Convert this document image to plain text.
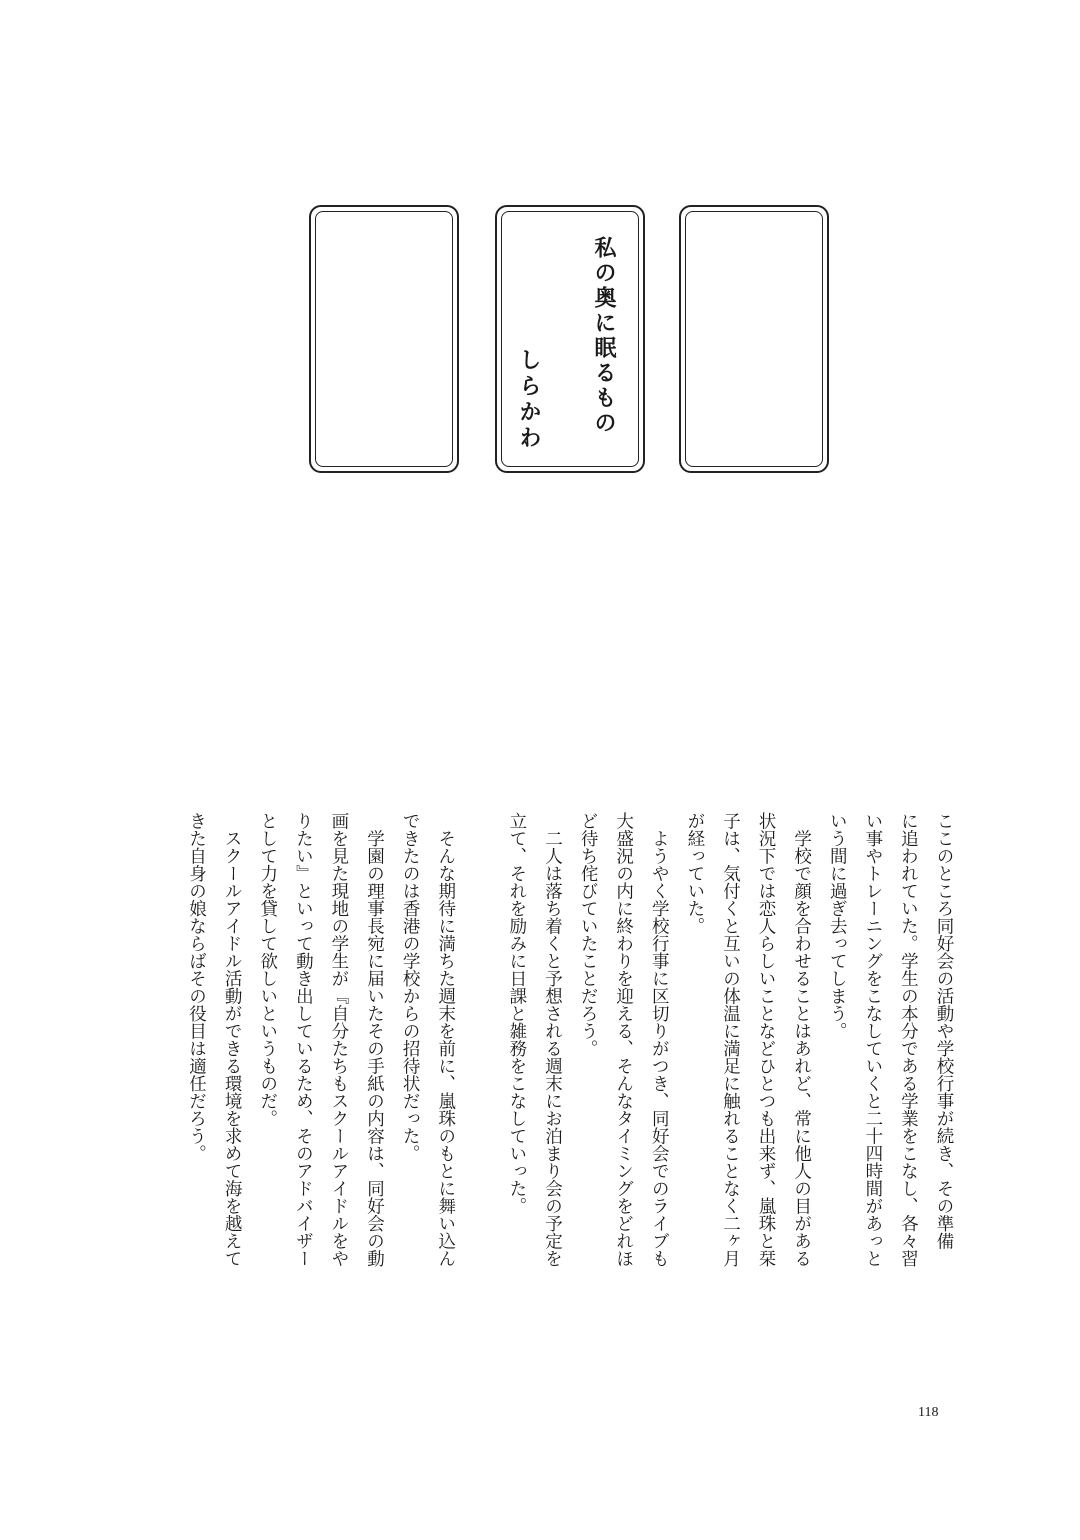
私の奥に眠るもの
しらかわ
ここのところ同好会の活動や学校行事が続き、その準備
に追われていた。学生の本分である学業をこなし、各々習
い事やトレーニングをこなしていくと二十四時間があっと
いう間に過ぎ去ってしまう。
　学校で顔を合わせることはあれど、常に他人の目がある
状況下では恋人らしいことなどひとつも出来ず、嵐珠と栞
子は、気付くと互いの体温に満足に触れることなく二ヶ月
が経っていた。
　ようやく学校行事に区切りがつき、同好会でのライブも
大盛況の内に終わりを迎える、そんなタイミングをどれほ
ど待ち侘びていたことだろう。
　二人は落ち着くと予想される週末にお泊まり会の予定を
立て、それを励みに日課と雑務をこなしていった。
　そんな期待に満ちた週末を前に、嵐珠のもとに舞い込ん
できたのは香港の学校からの招待状だった。
　学園の理事長宛に届いたその手紙の内容は、同好会の動
画を見た現地の学生が『自分たちもスクールアイドルをや
りたい』といって動き出しているため、そのアドバイザー
として力を貸して欲しいというものだ。
　スクールアイドル活動ができる環境を求めて海を越えて
きた自身の娘ならばその役目は適任だろう。
118
